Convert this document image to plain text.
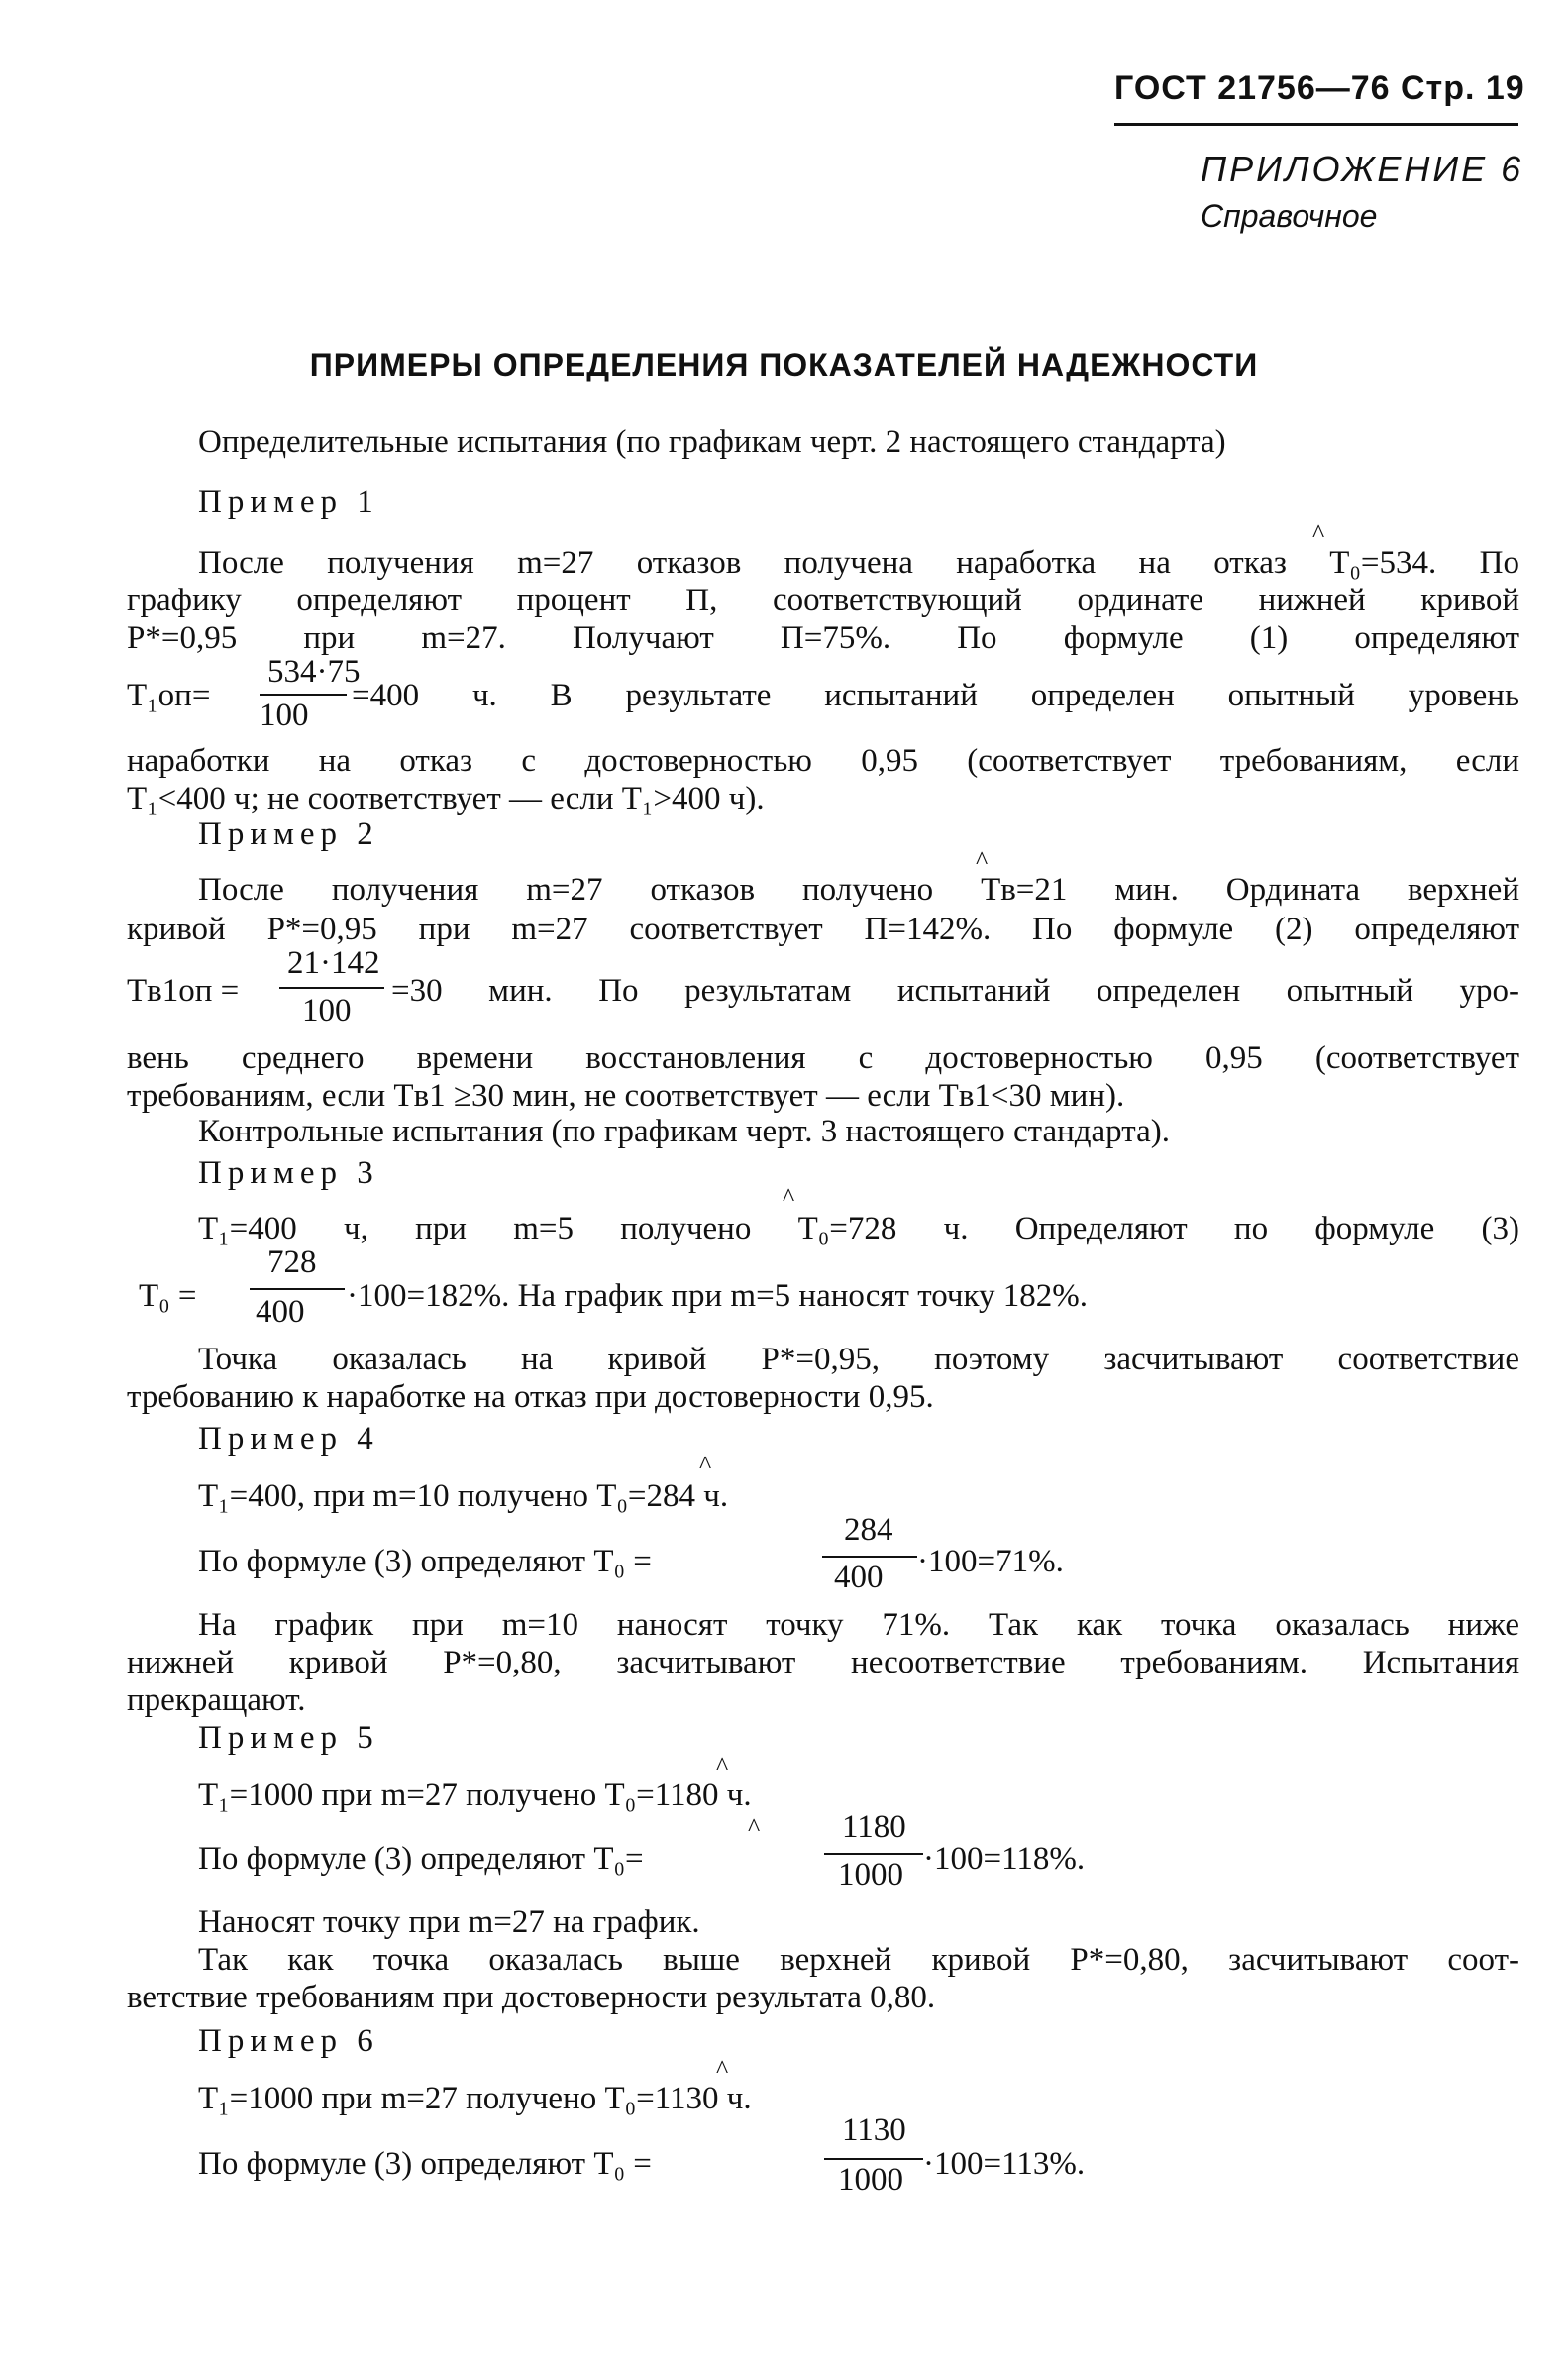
ГОСТ 21756—76 Стр. 19
ПРИЛОЖЕНИЕ 6
Справочное
ПРИМЕРЫ ОПРЕДЕЛЕНИЯ ПОКАЗАТЕЛЕЙ НАДЕЖНОСТИ
Определительные испытания (по графикам черт. 2 настоящего стандарта)
Пример 1
^
После получения m=27 отказов получена наработка на отказ T₀=534. По
графику определяют процент П, соответствующий ординате нижней кривой
P*=0,95 при m=27. Получают П=75%. По формуле (1) определяют
T₁оп=
534·75
100
=400 ч. В результате испытаний определен опытный уровень
наработки на отказ с достоверностью 0,95 (соответствует требованиям, если
T₁<400 ч; не соответствует — если T₁>400 ч).
Пример 2
^
После получения m=27 отказов получено Tв=21 мин. Ордината верхней
кривой P*=0,95 при m=27 соответствует П=142%. По формуле (2) определяют
Tв1оп =
21·142
100
=30 мин. По результатам испытаний определен опытный уро-
вень среднего времени восстановления с достоверностью 0,95 (соответствует
требованиям, если Tв1 ≥30 мин, не соответствует — если Tв1<30 мин).
Контрольные испытания (по графикам черт. 3 настоящего стандарта).
Пример 3
^
T₁=400 ч, при m=5 получено T₀=728 ч. Определяют по формуле (3)
T₀ =
728
400 ·100=182%. На график при m=5 наносят точку 182%.
Точка оказалась на кривой P*=0,95, поэтому засчитывают соответствие
требованию к наработке на отказ при достоверности 0,95.
Пример 4
^
T₁=400, при m=10 получено T₀=284 ч.
По формуле (3) определяют T₀ =
284
400 ·100=71%.
На график при m=10 наносят точку 71%. Так как точка оказалась ниже
нижней кривой P*=0,80, засчитывают несоответствие требованиям. Испытания
прекращают.
Пример 5
^
T₁=1000 при m=27 получено T₀=1180 ч.
^
По формуле (3) определяют T₀=
1180
1000 ·100=118%.
Наносят точку при m=27 на график.
Так как точка оказалась выше верхней кривой P*=0,80, засчитывают соот-
ветствие требованиям при достоверности результата 0,80.
Пример 6
^
T₁=1000 при m=27 получено T₀=1130 ч.
По формуле (3) определяют T₀ =
1130
1000 ·100=113%.
